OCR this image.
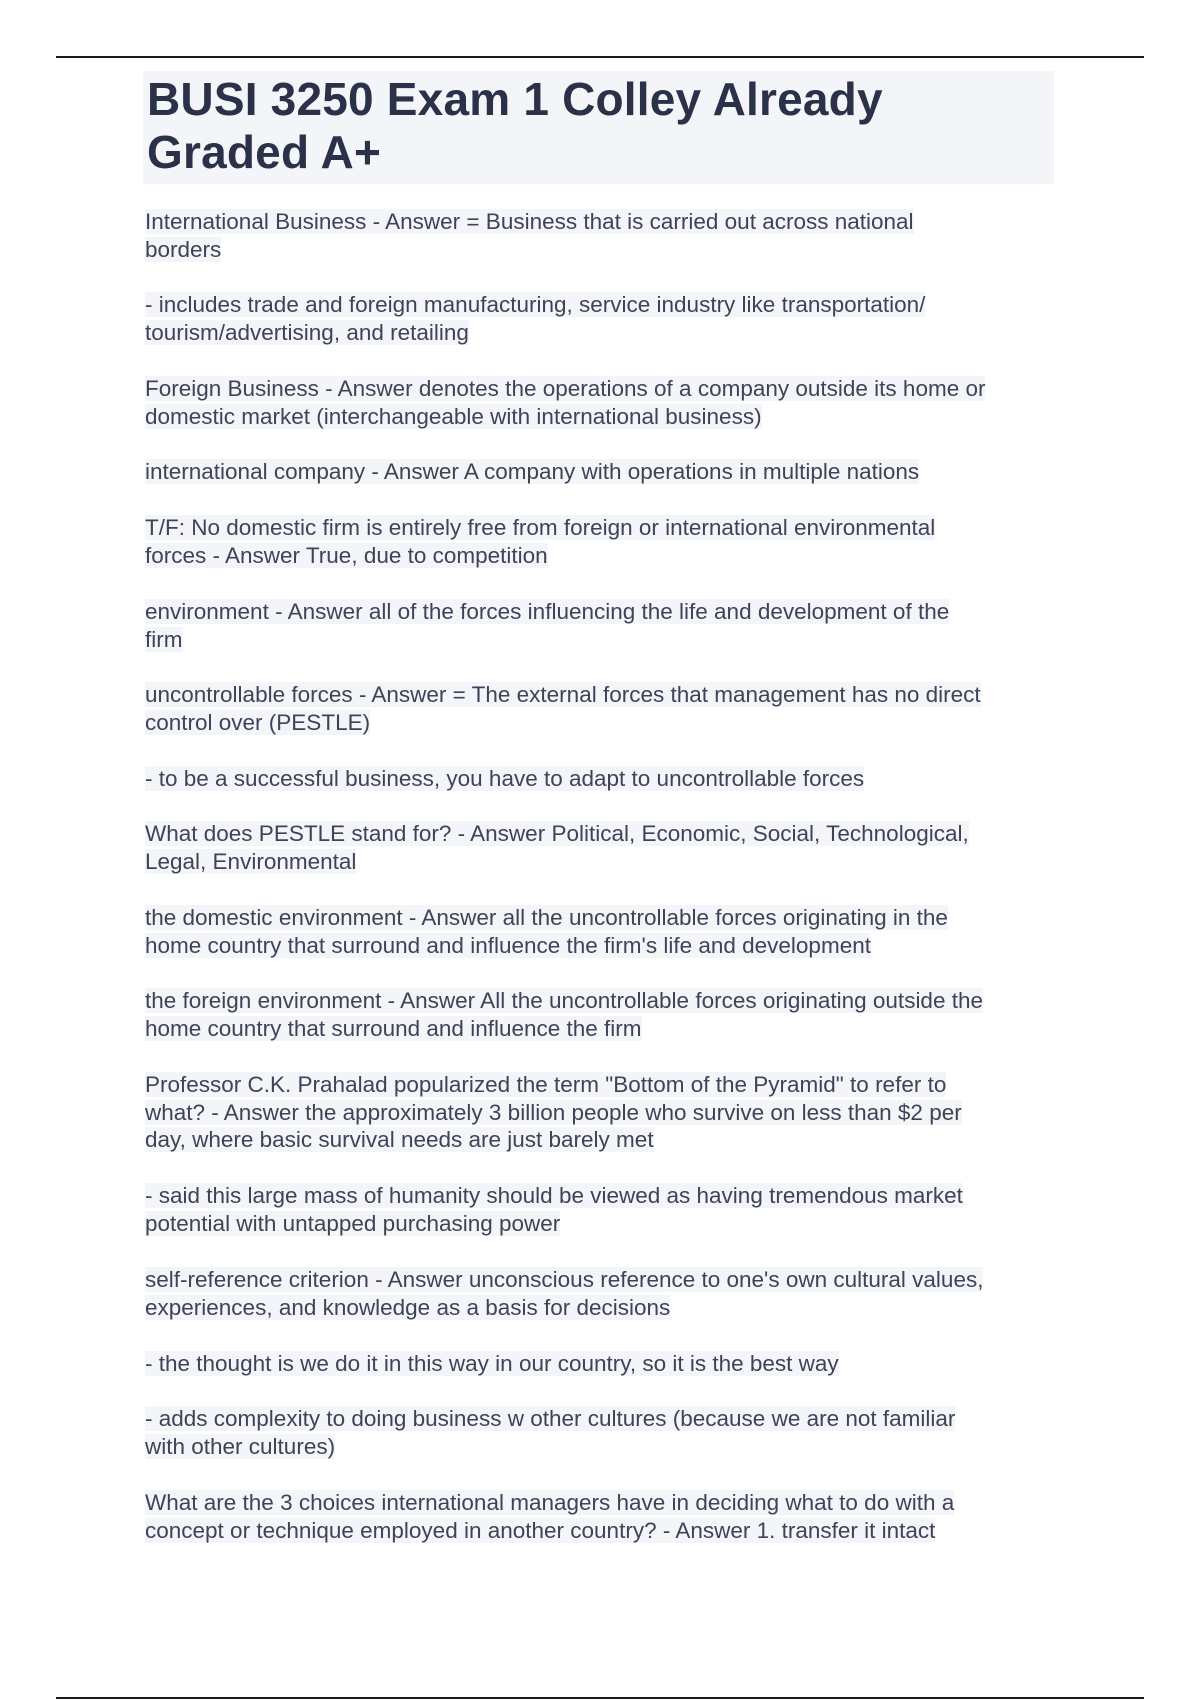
BUSI 3250 Exam 1 Colley Already Graded A+

International Business - Answer = Business that is carried out across national
borders

- includes trade and foreign manufacturing, service industry like transportation/
tourism/advertising, and retailing

Foreign Business - Answer denotes the operations of a company outside its home or
domestic market (interchangeable with international business)

international company - Answer A company with operations in multiple nations

T/F: No domestic firm is entirely free from foreign or international environmental
forces - Answer True, due to competition

environment - Answer all of the forces influencing the life and development of the
firm

uncontrollable forces - Answer = The external forces that management has no direct
control over (PESTLE)

- to be a successful business, you have to adapt to uncontrollable forces

What does PESTLE stand for? - Answer Political, Economic, Social, Technological,
Legal, Environmental

the domestic environment - Answer all the uncontrollable forces originating in the
home country that surround and influence the firm's life and development

the foreign environment - Answer All the uncontrollable forces originating outside the
home country that surround and influence the firm

Professor C.K. Prahalad popularized the term "Bottom of the Pyramid" to refer to
what? - Answer the approximately 3 billion people who survive on less than $2 per
day, where basic survival needs are just barely met

- said this large mass of humanity should be viewed as having tremendous market
potential with untapped purchasing power

self-reference criterion - Answer unconscious reference to one's own cultural values,
experiences, and knowledge as a basis for decisions

- the thought is we do it in this way in our country, so it is the best way

- adds complexity to doing business w other cultures (because we are not familiar
with other cultures)

What are the 3 choices international managers have in deciding what to do with a
concept or technique employed in another country? - Answer 1. transfer it intact
